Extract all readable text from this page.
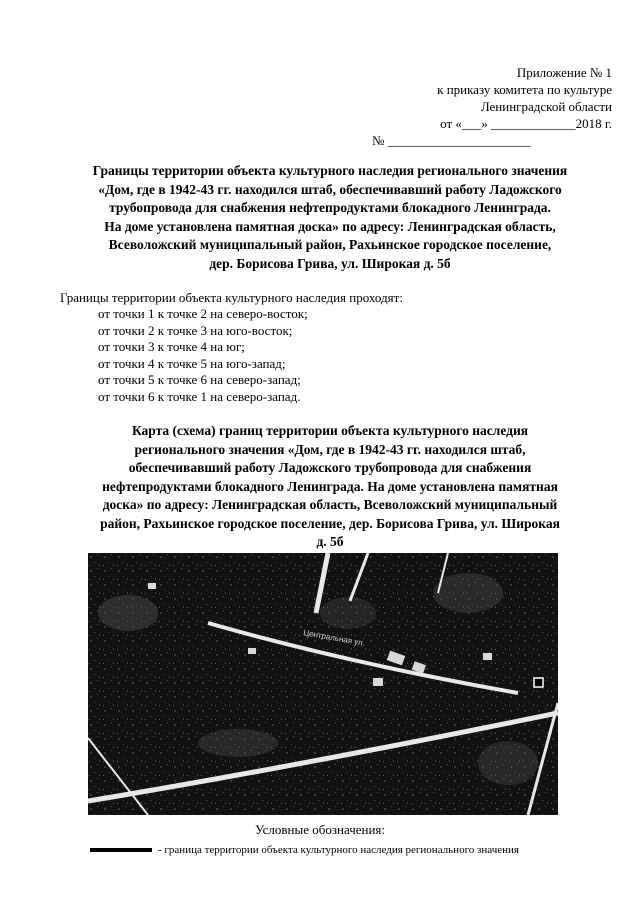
Приложение № 1
к приказу комитета по культуре
Ленинградской области
от «___» _____________2018 г.
№ ______________________
Границы территории объекта культурного наследия регионального значения
«Дом, где в 1942-43 гг. находился штаб, обеспечивавший работу Ладожского
трубопровода для снабжения нефтепродуктами блокадного Ленинграда.
На доме установлена памятная доска» по адресу: Ленинградская область,
Всеволожский муниципальный район, Рахьинское городское поселение,
дер. Борисова Грива, ул. Широкая д. 5б
Границы территории объекта культурного наследия проходят:
от точки 1 к точке 2 на северо-восток;
от точки 2 к точке 3 на юго-восток;
от точки 3 к точке 4 на юг;
от точки 4 к точке 5 на юго-запад;
от точки 5 к точке 6 на северо-запад;
от точки 6 к точке 1 на северо-запад.
Карта (схема) границ территории объекта культурного наследия
регионального значения «Дом, где в 1942-43 гг. находился штаб,
обеспечивавший работу Ладожского трубопровода для снабжения
нефтепродуктами блокадного Ленинграда. На доме установлена памятная
доска» по адресу: Ленинградская область, Всеволожский муниципальный
район, Рахьинское городское поселение, дер. Борисова Грива, ул. Широкая
д. 5б
Центральная ул.
Условные обозначения:
- граница территории объекта культурного наследия регионального значения
